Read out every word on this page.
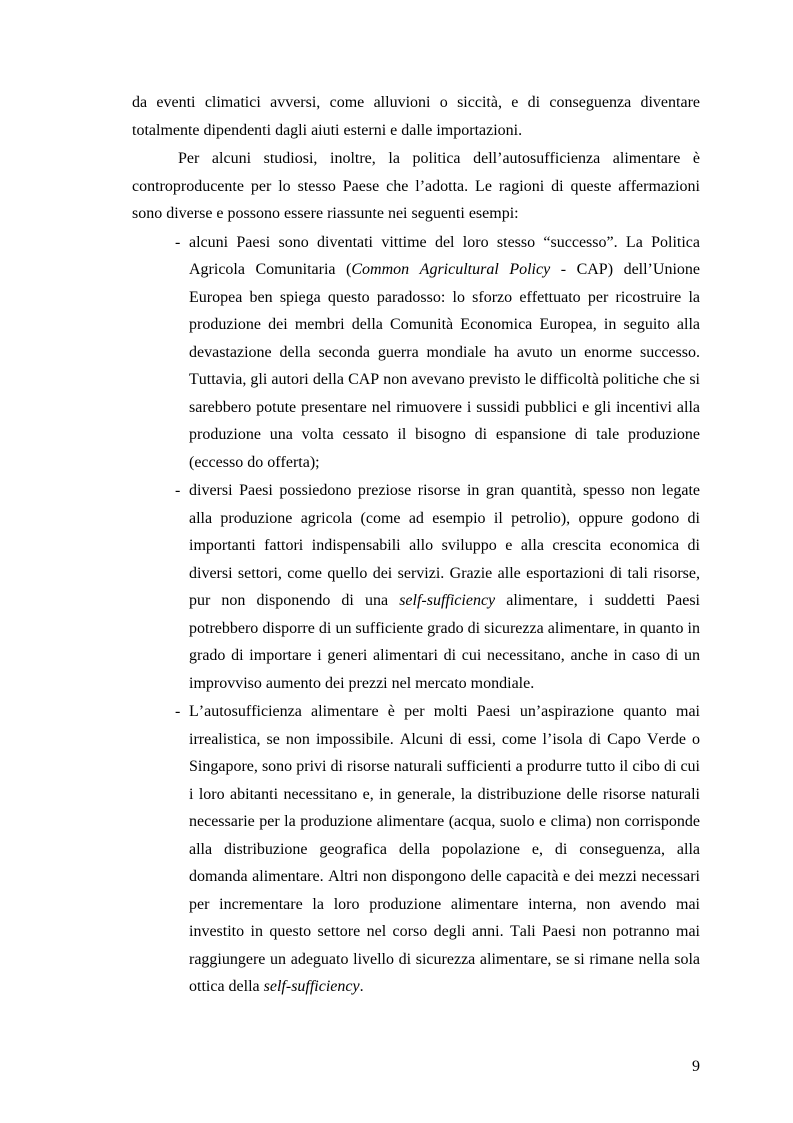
da eventi climatici avversi, come alluvioni o siccità, e di conseguenza diventare
totalmente dipendenti dagli aiuti esterni e dalle importazioni.
Per alcuni studiosi, inoltre, la politica dell’autosufficienza alimentare è
controproducente per lo stesso Paese che l’adotta. Le ragioni di queste affermazioni
sono diverse e possono essere riassunte nei seguenti esempi:
- alcuni Paesi sono diventati vittime del loro stesso “successo”. La Politica
Agricola Comunitaria (Common Agricultural Policy - CAP) dell’Unione
Europea ben spiega questo paradosso: lo sforzo effettuato per ricostruire la
produzione dei membri della Comunità Economica Europea, in seguito alla
devastazione della seconda guerra mondiale ha avuto un enorme successo.
Tuttavia, gli autori della CAP non avevano previsto le difficoltà politiche che si
sarebbero potute presentare nel rimuovere i sussidi pubblici e gli incentivi alla
produzione una volta cessato il bisogno di espansione di tale produzione
(eccesso do offerta);
- diversi Paesi possiedono preziose risorse in gran quantità, spesso non legate
alla produzione agricola (come ad esempio il petrolio), oppure godono di
importanti fattori indispensabili allo sviluppo e alla crescita economica di
diversi settori, come quello dei servizi. Grazie alle esportazioni di tali risorse,
pur non disponendo di una self-sufficiency alimentare, i suddetti Paesi
potrebbero disporre di un sufficiente grado di sicurezza alimentare, in quanto in
grado di importare i generi alimentari di cui necessitano, anche in caso di un
improvviso aumento dei prezzi nel mercato mondiale.
- L’autosufficienza alimentare è per molti Paesi un’aspirazione quanto mai
irrealistica, se non impossibile. Alcuni di essi, come l’isola di Capo Verde o
Singapore, sono privi di risorse naturali sufficienti a produrre tutto il cibo di cui
i loro abitanti necessitano e, in generale, la distribuzione delle risorse naturali
necessarie per la produzione alimentare (acqua, suolo e clima) non corrisponde
alla distribuzione geografica della popolazione e, di conseguenza, alla
domanda alimentare. Altri non dispongono delle capacità e dei mezzi necessari
per incrementare la loro produzione alimentare interna, non avendo mai
investito in questo settore nel corso degli anni. Tali Paesi non potranno mai
raggiungere un adeguato livello di sicurezza alimentare, se si rimane nella sola
ottica della self-sufficiency.
9
